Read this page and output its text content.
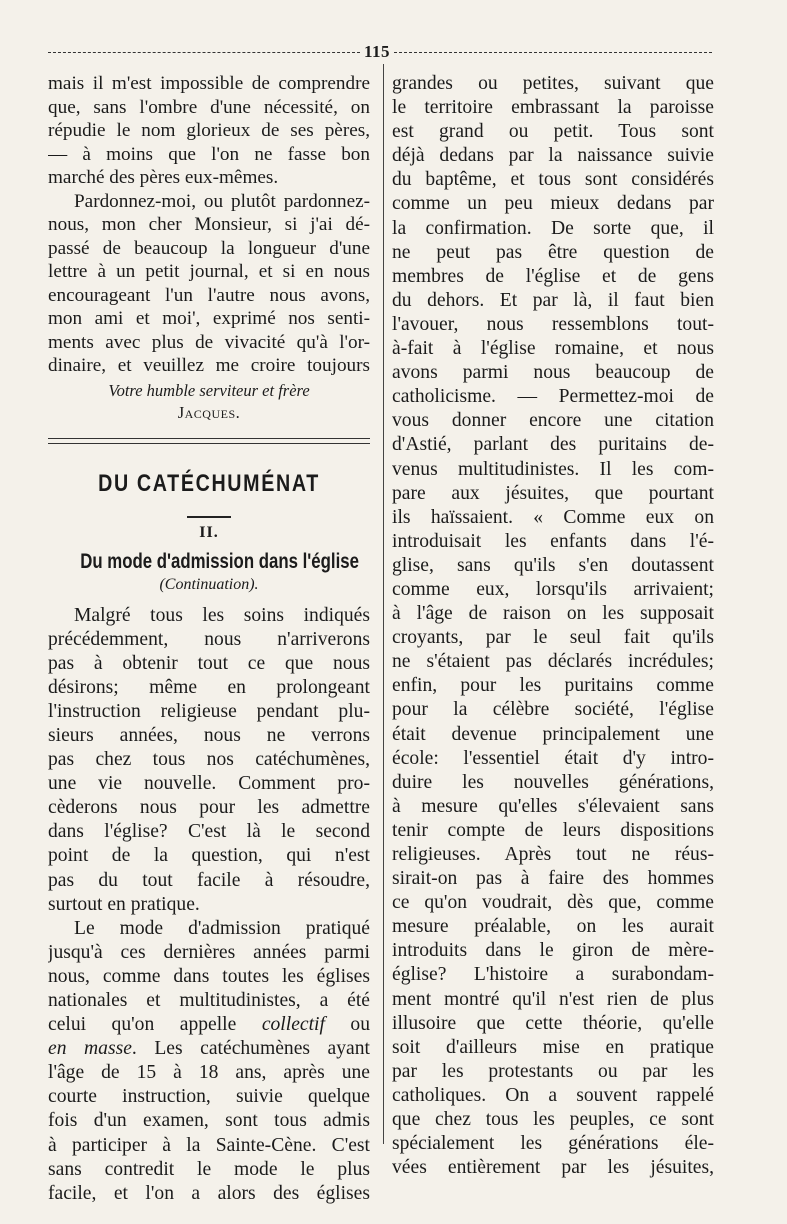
115
mais il m'est impossible de comprendre
que, sans l'ombre d'une nécessité, on
répudie le nom glorieux de ses pères,
— à moins que l'on ne fasse bon
marché des pères eux-mêmes.
Pardonnez-moi, ou plutôt pardonnez-
nous, mon cher Monsieur, si j'ai dé-
passé de beaucoup la longueur d'une
lettre à un petit journal, et si en nous
encourageant l'un l'autre nous avons,
mon ami et moi', exprimé nos senti-
ments avec plus de vivacité qu'à l'or-
dinaire, et veuillez me croire toujours
Votre humble serviteur et frère
Jacques.
DU CATÉCHUMÉNAT
II.
Du mode d'admission dans l'église
(Continuation).
Malgré tous les soins indiqués
précédemment, nous n'arriverons
pas à obtenir tout ce que nous
désirons; même en prolongeant
l'instruction religieuse pendant plu-
sieurs années, nous ne verrons
pas chez tous nos catéchumènes,
une vie nouvelle. Comment pro-
cèderons nous pour les admettre
dans l'église? C'est là le second
point de la question, qui n'est
pas du tout facile à résoudre,
surtout en pratique.
Le mode d'admission pratiqué
jusqu'à ces dernières années parmi
nous, comme dans toutes les églises
nationales et multitudinistes, a été
celui qu'on appelle collectif ou
en masse. Les catéchumènes ayant
l'âge de 15 à 18 ans, après une
courte instruction, suivie quelque
fois d'un examen, sont tous admis
à participer à la Sainte-Cène. C'est
sans contredit le mode le plus
facile, et l'on a alors des églises
grandes ou petites, suivant que
le territoire embrassant la paroisse
est grand ou petit. Tous sont
déjà dedans par la naissance suivie
du baptême, et tous sont considérés
comme un peu mieux dedans par
la confirmation. De sorte que, il
ne peut pas être question de
membres de l'église et de gens
du dehors. Et par là, il faut bien
l'avouer, nous ressemblons tout-
à-fait à l'église romaine, et nous
avons parmi nous beaucoup de
catholicisme. — Permettez-moi de
vous donner encore une citation
d'Astié, parlant des puritains de-
venus multitudinistes. Il les com-
pare aux jésuites, que pourtant
ils haïssaient. « Comme eux on
introduisait les enfants dans l'é-
glise, sans qu'ils s'en doutassent
comme eux, lorsqu'ils arrivaient;
à l'âge de raison on les supposait
croyants, par le seul fait qu'ils
ne s'étaient pas déclarés incrédules;
enfin, pour les puritains comme
pour la célèbre société, l'église
était devenue principalement une
école: l'essentiel était d'y intro-
duire les nouvelles générations,
à mesure qu'elles s'élevaient sans
tenir compte de leurs dispositions
religieuses. Après tout ne réus-
sirait-on pas à faire des hommes
ce qu'on voudrait, dès que, comme
mesure préalable, on les aurait
introduits dans le giron de mère-
église? L'histoire a surabondam-
ment montré qu'il n'est rien de plus
illusoire que cette théorie, qu'elle
soit d'ailleurs mise en pratique
par les protestants ou par les
catholiques. On a souvent rappelé
que chez tous les peuples, ce sont
spécialement les générations éle-
vées entièrement par les jésuites,
